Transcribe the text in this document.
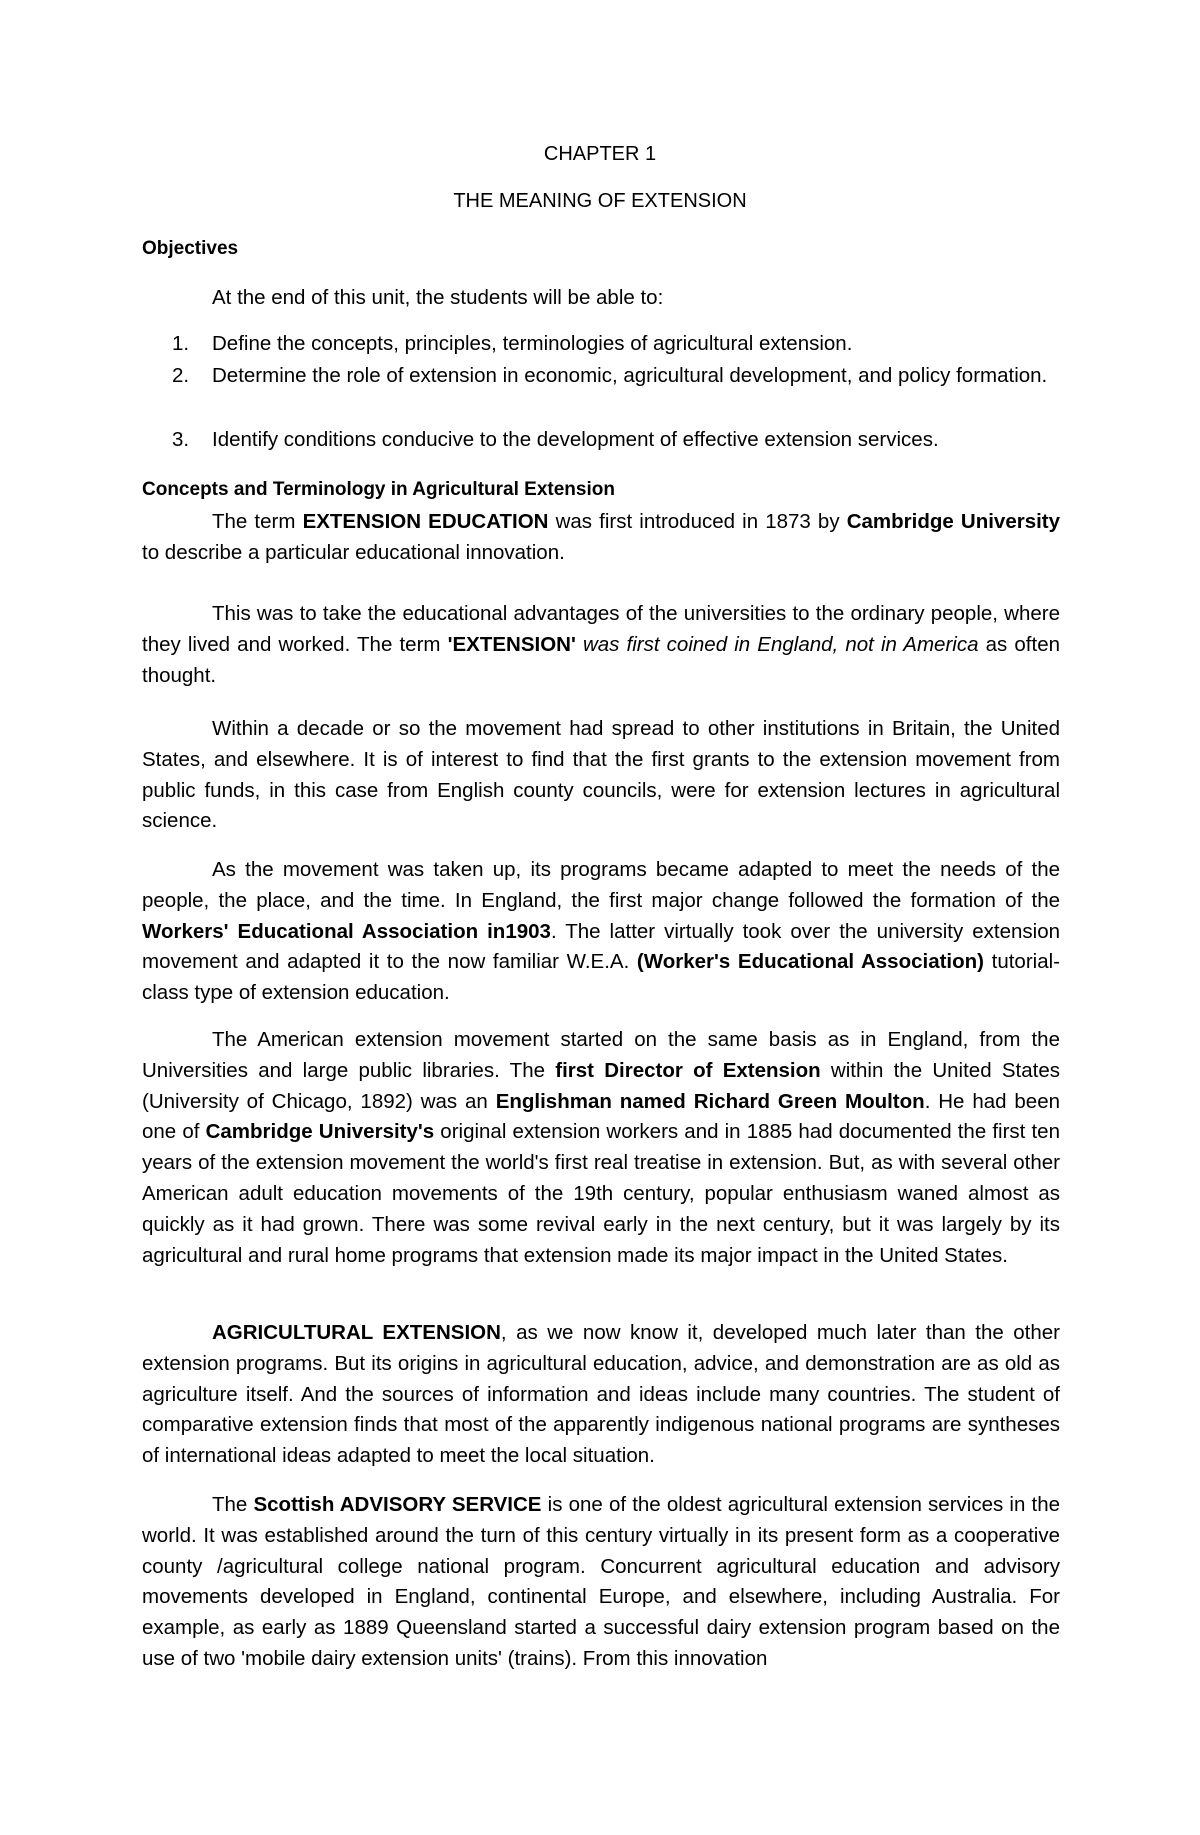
CHAPTER 1
THE MEANING OF EXTENSION
Objectives
At the end of this unit, the students will be able to:
1. Define the concepts, principles, terminologies of agricultural extension.
2. Determine the role of extension in economic, agricultural development, and policy formation.
3. Identify conditions conducive to the development of effective extension services.
Concepts and Terminology in Agricultural Extension

The term EXTENSION EDUCATION was first introduced in 1873 by Cambridge University to describe a particular educational innovation.

This was to take the educational advantages of the universities to the ordinary people, where they lived and worked. The term 'EXTENSION' was first coined in England, not in America as often thought.

Within a decade or so the movement had spread to other institutions in Britain, the United States, and elsewhere. It is of interest to find that the first grants to the extension movement from public funds, in this case from English county councils, were for extension lectures in agricultural science.

As the movement was taken up, its programs became adapted to meet the needs of the people, the place, and the time. In England, the first major change followed the formation of the Workers' Educational Association in1903. The latter virtually took over the university extension movement and adapted it to the now familiar W.E.A. (Worker's Educational Association) tutorial-class type of extension education.

The American extension movement started on the same basis as in England, from the Universities and large public libraries. The first Director of Extension within the United States (University of Chicago, 1892) was an Englishman named Richard Green Moulton. He had been one of Cambridge University's original extension workers and in 1885 had documented the first ten years of the extension movement the world's first real treatise in extension. But, as with several other American adult education movements of the 19th century, popular enthusiasm waned almost as quickly as it had grown. There was some revival early in the next century, but it was largely by its agricultural and rural home programs that extension made its major impact in the United States.

AGRICULTURAL EXTENSION, as we now know it, developed much later than the other extension programs. But its origins in agricultural education, advice, and demonstration are as old as agriculture itself. And the sources of information and ideas include many countries. The student of comparative extension finds that most of the apparently indigenous national programs are syntheses of international ideas adapted to meet the local situation.

The Scottish ADVISORY SERVICE is one of the oldest agricultural extension services in the world. It was established around the turn of this century virtually in its present form as a cooperative county /agricultural college national program. Concurrent agricultural education and advisory movements developed in England, continental Europe, and elsewhere, including Australia. For example, as early as 1889 Queensland started a successful dairy extension program based on the use of two 'mobile dairy extension units' (trains). From this innovation
